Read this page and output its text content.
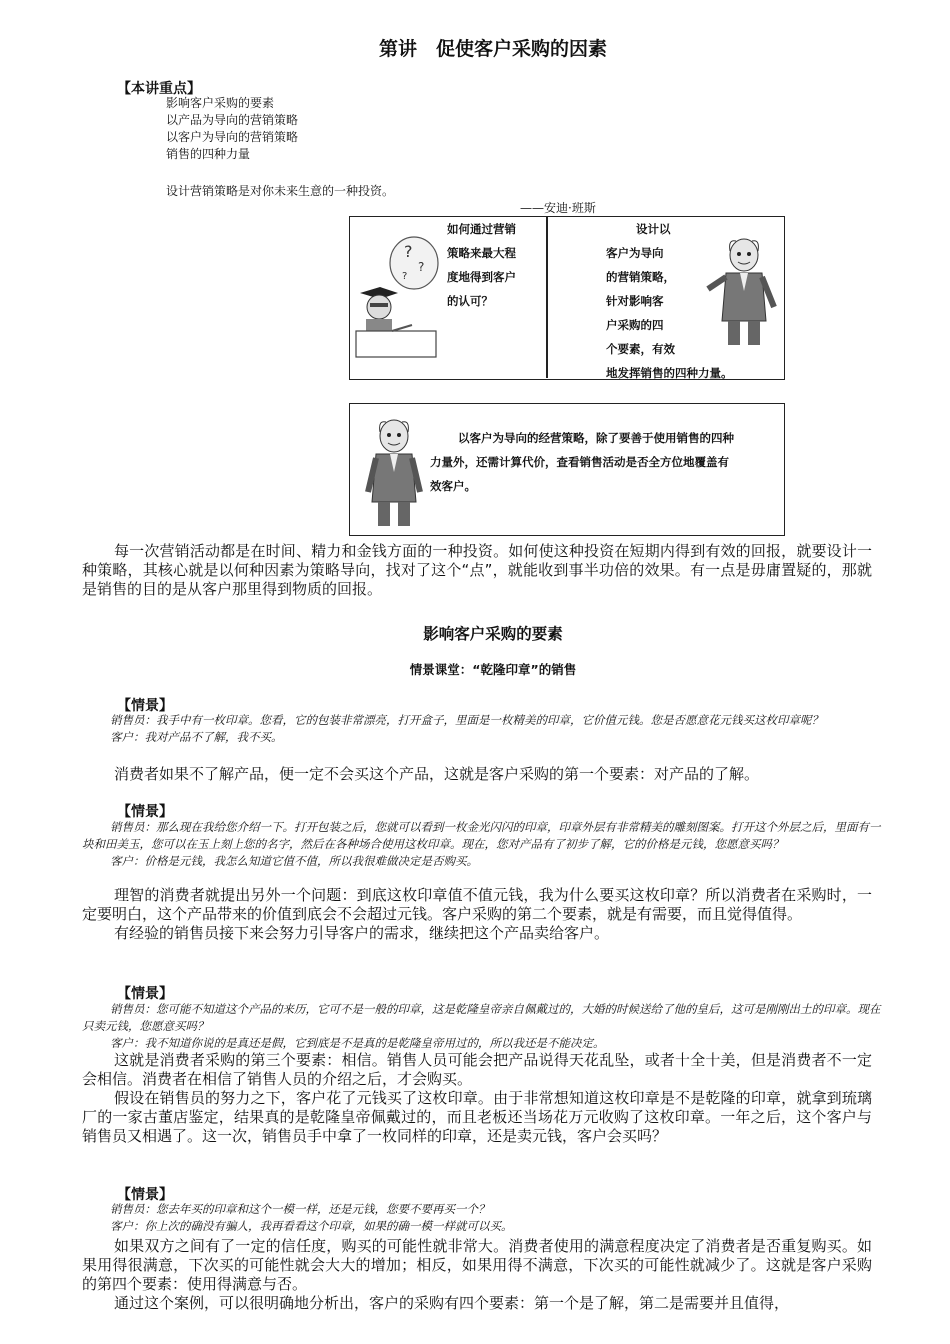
第讲　促使客户采购的因素
【本讲重点】
影响客户采购的要素
以产品为导向的营销策略
以客户为导向的营销策略
销售的四种力量
设计营销策略是对你未来生意的一种投资。
——安迪·班斯
?
?
?
如何通过营销
策略来最大程
度地得到客户
的认可？
设计以
客户为导向
的营销策略，
针对影响客
户采购的四
个要素，有效
地发挥销售的四种力量。
以客户为导向的经营策略，除了要善于使用销售的四种
力量外，还需计算代价，查看销售活动是否全方位地覆盖有
效客户。
每一次营销活动都是在时间、精力和金钱方面的一种投资。如何使这种投资在短期内得到有效的回报，就要设计一种策略，其核心就是以何种因素为策略导向，找对了这个“点”，就能收到事半功倍的效果。有一点是毋庸置疑的，那就是销售的目的是从客户那里得到物质的回报。
影响客户采购的要素
情景课堂：“乾隆印章”的销售
【情景】

销售员：我手中有一枚印章。您看，它的包装非常漂亮，打开盒子，里面是一枚精美的印章，它价值元钱。您是否愿意花元钱买这枚印章呢？

客户：我对产品不了解，我不买。

消费者如果不了解产品，便一定不会买这个产品，这就是客户采购的第一个要素：对产品的了解。
【情景】

销售员：那么现在我给您介绍一下。打开包装之后，您就可以看到一枚金光闪闪的印章，印章外层有非常精美的雕刻图案。打开这个外层之后，里面有一块和田美玉，您可以在玉上刻上您的名字，然后在各种场合使用这枚印章。现在，您对产品有了初步了解，它的价格是元钱，您愿意买吗？

客户：价格是元钱，我怎么知道它值不值，所以我很难做决定是否购买。

理智的消费者就提出另外一个问题：到底这枚印章值不值元钱，我为什么要买这枚印章？所以消费者在采购时，一定要明白，这个产品带来的价值到底会不会超过元钱。客户采购的第二个要素，就是有需要，而且觉得值得。
有经验的销售员接下来会努力引导客户的需求，继续把这个产品卖给客户。
【情景】

销售员：您可能不知道这个产品的来历，它可不是一般的印章，这是乾隆皇帝亲自佩戴过的，大婚的时候送给了他的皇后，这可是刚刚出土的印章。现在只卖元钱，您愿意买吗？

客户：我不知道你说的是真还是假，它到底是不是真的是乾隆皇帝用过的，所以我还是不能决定。

这就是消费者采购的第三个要素：相信。销售人员可能会把产品说得天花乱坠，或者十全十美，但是消费者不一定会相信。消费者在相信了销售人员的介绍之后，才会购买。
假设在销售员的努力之下，客户花了元钱买了这枚印章。由于非常想知道这枚印章是不是乾隆的印章，就拿到琉璃厂的一家古董店鉴定，结果真的是乾隆皇帝佩戴过的，而且老板还当场花万元收购了这枚印章。一年之后，这个客户与销售员又相遇了。这一次，销售员手中拿了一枚同样的印章，还是卖元钱，客户会买吗？
【情景】

销售员：您去年买的印章和这个一模一样，还是元钱，您要不要再买一个？

客户：你上次的确没有骗人，我再看看这个印章，如果的确一模一样就可以买。

如果双方之间有了一定的信任度，购买的可能性就非常大。消费者使用的满意程度决定了消费者是否重复购买。如果用得很满意，下次买的可能性就会大大的增加；相反，如果用得不满意，下次买的可能性就减少了。这就是客户采购的第四个要素：使用得满意与否。
通过这个案例，可以很明确地分析出，客户的采购有四个要素：第一个是了解，第二是需要并且值得，
